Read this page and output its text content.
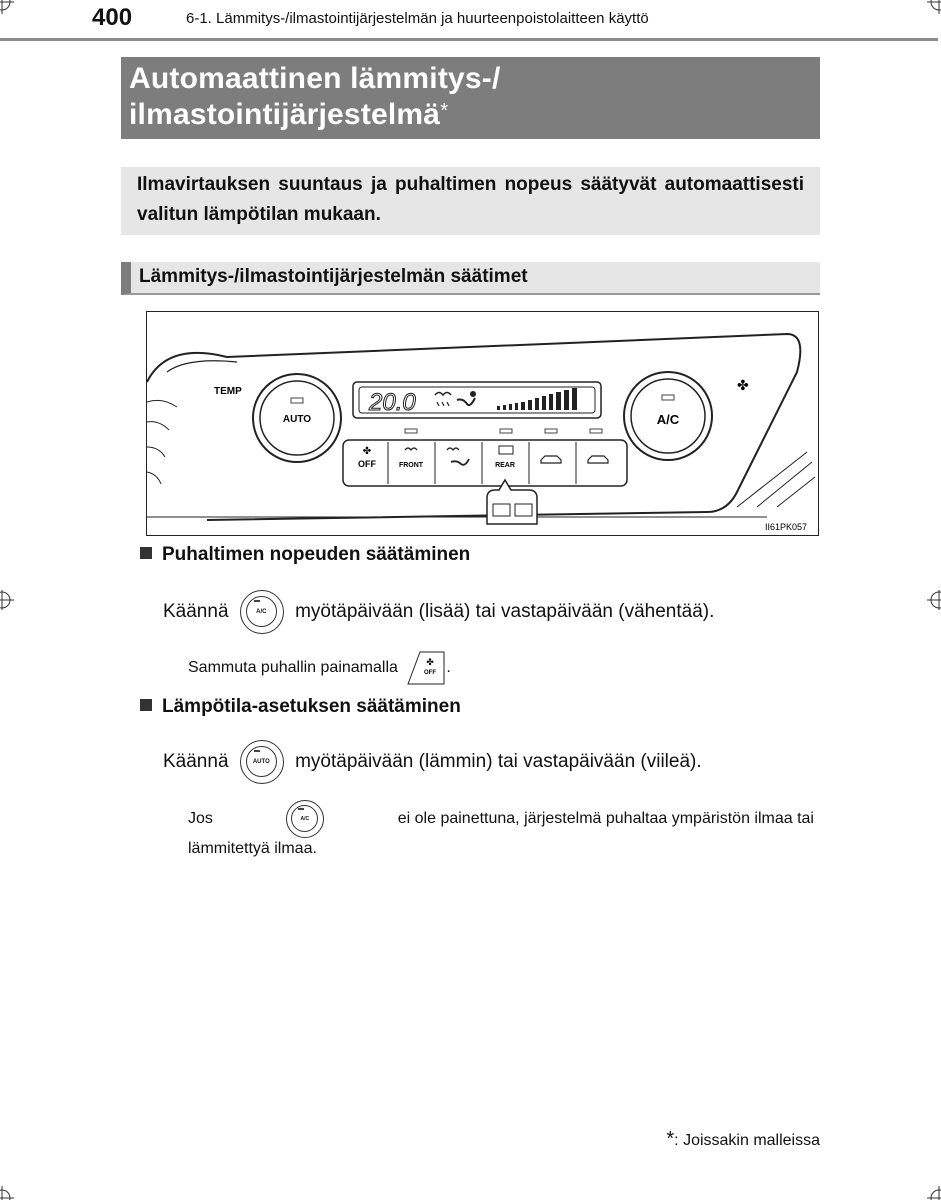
400	6-1. Lämmitys-/ilmastointijärjestelmän ja huurteenpoistolaitteen käyttö
Automaattinen lämmitys-/
ilmastointijärjestelmä*
Ilmavirtauksen suuntaus ja puhaltimen nopeus säätyvät automaattisesti valitun lämpötilan mukaan.
Lämmitys-/ilmastointijärjestelmän säätimet
TEMP
AUTO
20.0
✤
OFF	FRONT	REAR
A/C
✤
II61PK057
Puhaltimen nopeuden säätäminen
Käännä	A/C	myötäpäivään (lisää) tai vastapäivään (vähentää).
Sammuta puhallin painamalla	✤
OFF .
Lämpötila-asetuksen säätäminen
Käännä	AUTO	myötäpäivään (lämmin) tai vastapäivään (viileä).
Jos	A/C	ei ole painettuna, järjestelmä puhaltaa ympäristön ilmaa tai
lämmitettyä ilmaa.
*: Joissakin malleissa
